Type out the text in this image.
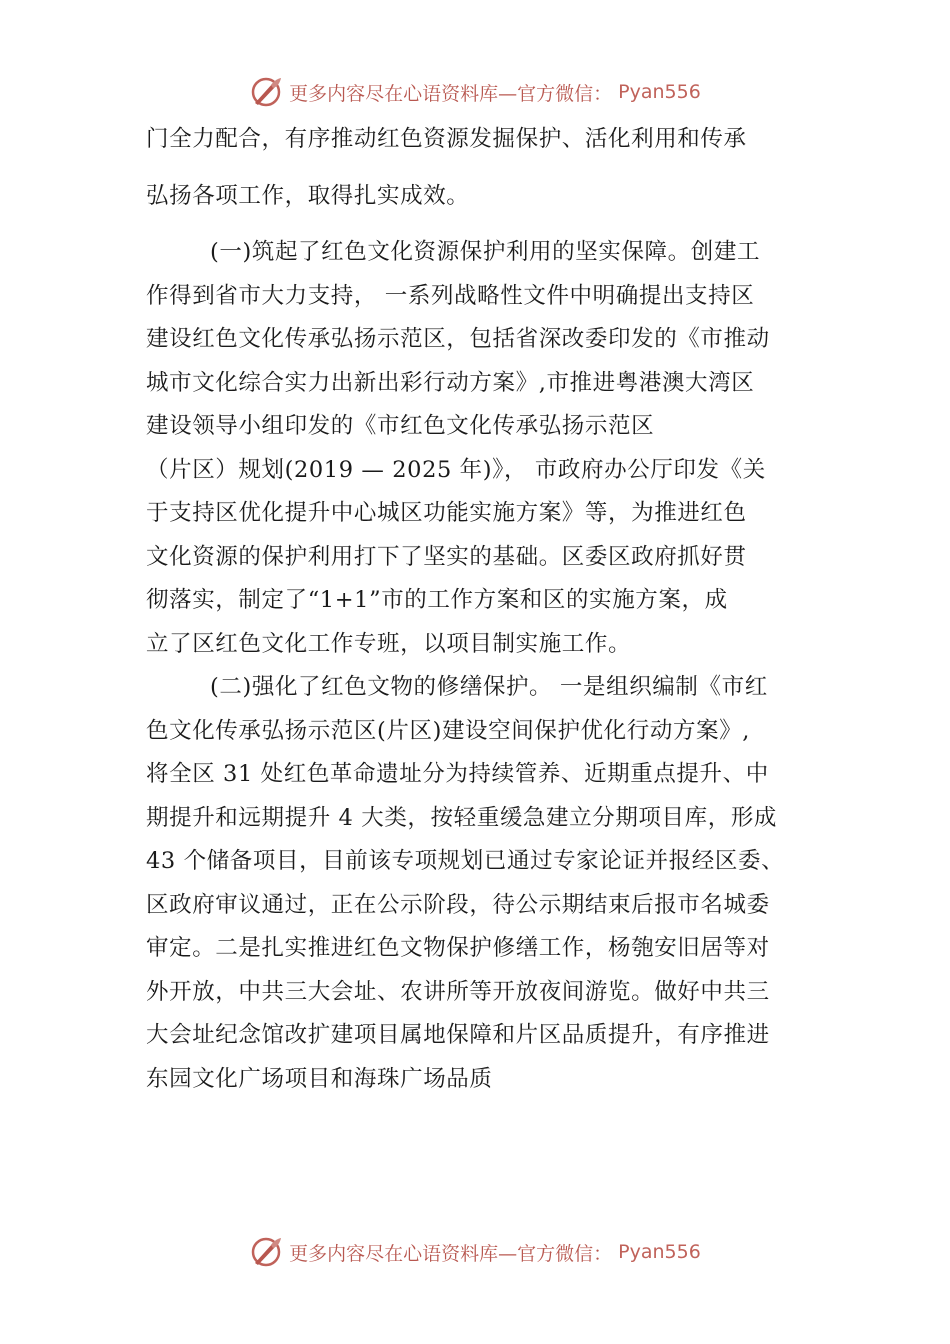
更多内容尽在心语资料库—官方微信： Pyan556
门全力配合，有序推动红色资源发掘保护、活化利用和传承
弘扬各项工作，取得扎实成效。
(一)筑起了红色文化资源保护利用的坚实保障。创建工
作得到省市大力支持， 一系列战略性文件中明确提出支持区
建设红色文化传承弘扬示范区，包括省深改委印发的《市推动
城市文化综合实力出新出彩行动方案》,市推进粤港澳大湾区
建设领导小组印发的《市红色文化传承弘扬示范区
（片区）规划(2019 — 2025 年)》， 市政府办公厅印发《关
于支持区优化提升中心城区功能实施方案》等，为推进红色
文化资源的保护利用打下了坚实的基础。区委区政府抓好贯
彻落实，制定了“1+1”市的工作方案和区的实施方案，成
立了区红色文化工作专班，以项目制实施工作。
(二)强化了红色文物的修缮保护。 一是组织编制《市红
色文化传承弘扬示范区(片区)建设空间保护优化行动方案》,
将全区 31 处红色革命遗址分为持续管养、近期重点提升、中
期提升和远期提升 4 大类，按轻重缓急建立分期项目库，形成
43 个储备项目，目前该专项规划已通过专家论证并报经区委、
区政府审议通过，正在公示阶段，待公示期结束后报市名城委
审定。二是扎实推进红色文物保护修缮工作，杨匏安旧居等对
外开放，中共三大会址、农讲所等开放夜间游览。做好中共三
大会址纪念馆改扩建项目属地保障和片区品质提升，有序推进
东园文化广场项目和海珠广场品质
更多内容尽在心语资料库—官方微信： Pyan556
